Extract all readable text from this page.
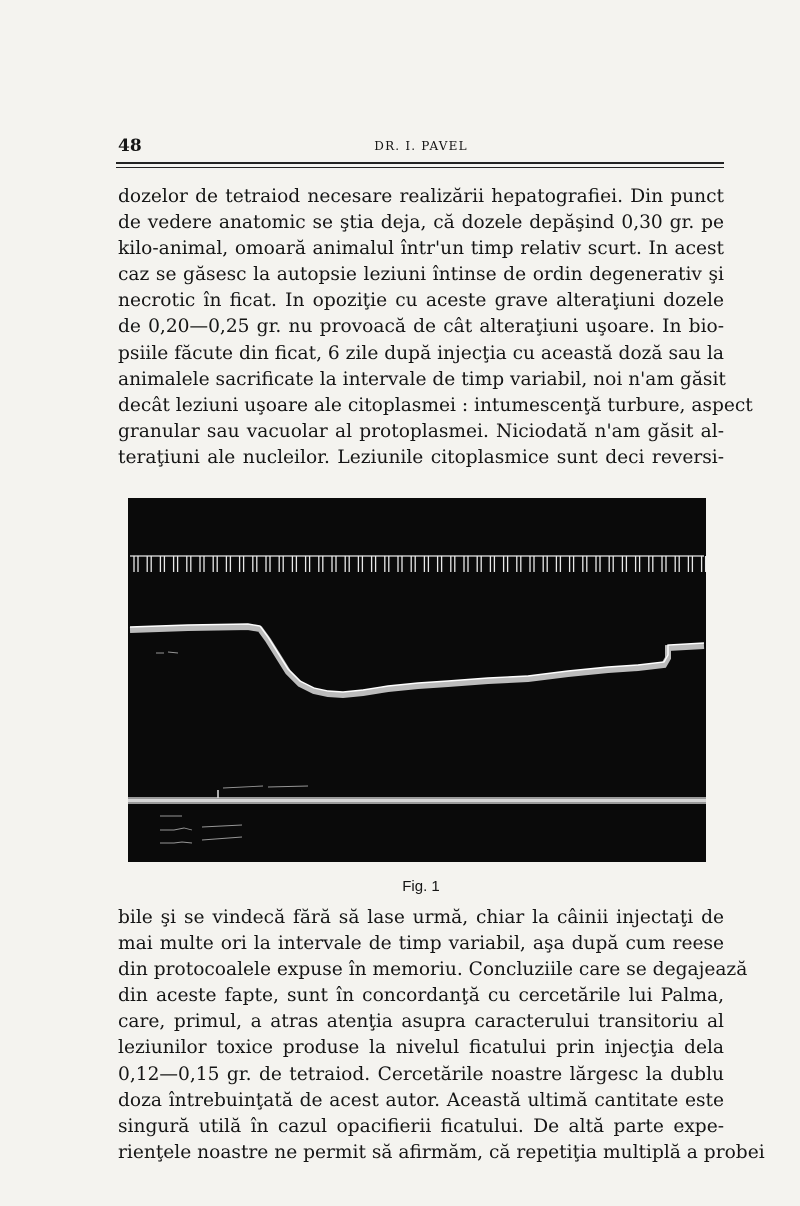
48	DR. I. PAVEL
dozelor de tetraiod necesare realizării hepatografiei. Din punct
de vedere anatomic se ştia deja, că dozele depăşind 0,30 gr. pe
kilo-animal, omoară animalul într'un timp relativ scurt. In acest
caz se găsesc la autopsie leziuni întinse de ordin degenerativ şi
necrotic în ficat. In opoziţie cu aceste grave alteraţiuni dozele
de 0,20—0,25 gr. nu provoacă de cât alteraţiuni uşoare. In bio-
psiile făcute din ficat, 6 zile după injecţia cu această doză sau la
animalele sacrificate la intervale de timp variabil, noi n'am găsit
decât leziuni uşoare ale citoplasmei : intumescenţă turbure, aspect
granular sau vacuolar al protoplasmei. Niciodată n'am găsit al-
teraţiuni ale nucleilor. Leziunile citoplasmice sunt deci reversi-
Fig. 1
bile şi se vindecă fără să lase urmă, chiar la câinii injectaţi de
mai multe ori la intervale de timp variabil, aşa după cum reese
din protocoalele expuse în memoriu. Concluziile care se degajează
din aceste fapte, sunt în concordanţă cu cercetările lui Palma,
care, primul, a atras atenţia asupra caracterului transitoriu al
leziunilor toxice produse la nivelul ficatului prin injecţia dela
0,12—0,15 gr. de tetraiod. Cercetările noastre lărgesc la dublu
doza întrebuinţată de acest autor. Această ultimă cantitate este
singură utilă în cazul opacifierii ficatului. De altă parte expe-
rienţele noastre ne permit să afirmăm, că repetiţia multiplă a probei
